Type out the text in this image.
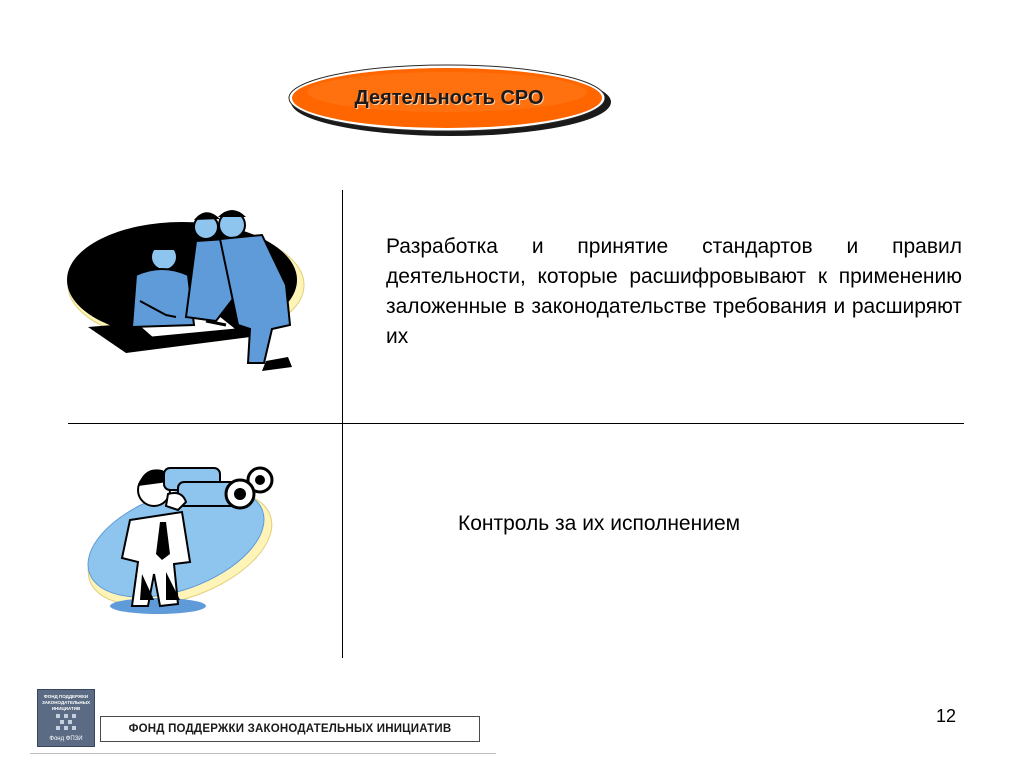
Деятельность СРО
Разработка и принятие стандартов и правил деятельности, которые расшифровывают к применению заложенные в законодательстве требования и расширяют их
Контроль за их исполнением
12
ФОНД ПОДДЕРЖКИ
ЗАКОНОДАТЕЛЬНЫХ
ИНИЦИАТИВ
Фонд ФПЗИ
ФОНД ПОДДЕРЖКИ ЗАКОНОДАТЕЛЬНЫХ ИНИЦИАТИВ
